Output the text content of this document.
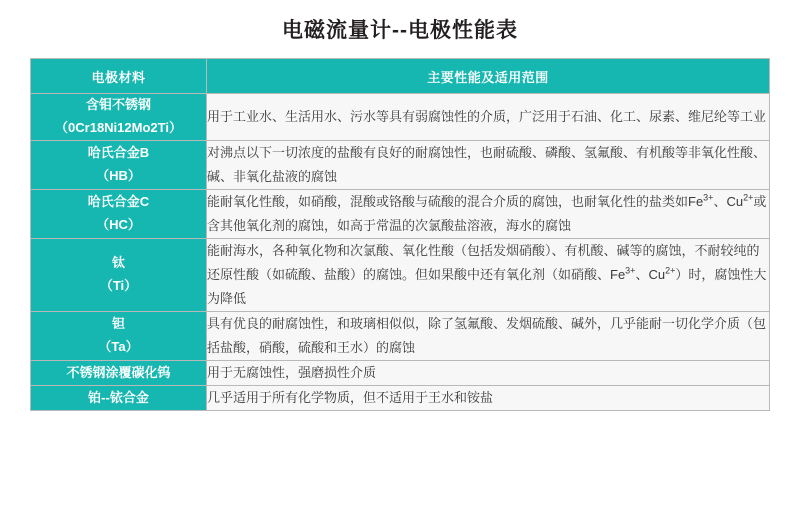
电磁流量计--电极性能表
电极材料	主要性能及适用范围

含钼不锈钢
（0Cr18Ni12Mo2Ti）	用于工业水、生活用水、污水等具有弱腐蚀性的介质，广泛用于石油、化工、尿素、维尼纶等工业

哈氏合金B
（HB）	对沸点以下一切浓度的盐酸有良好的耐腐蚀性，也耐硫酸、磷酸、氢氟酸、有机酸等非氧化性酸、碱、非氧化盐液的腐蚀

哈氏合金C
（HC）	能耐氧化性酸，如硝酸，混酸或铬酸与硫酸的混合介质的腐蚀，也耐氧化性的盐类如$Fe^{3+}$、$Cu^{2+}$或含其他氧化剂的腐蚀，如高于常温的次氯酸盐溶液，海水的腐蚀

钛
（Ti）	能耐海水，各种氧化物和次氯酸、氧化性酸（包括发烟硝酸）、有机酸、碱等的腐蚀，不耐较纯的还原性酸（如硫酸、盐酸）的腐蚀。但如果酸中还有氧化剂（如硝酸、$Fe^{3+}$、$Cu^{2+}$）时，腐蚀性大为降低

钽
（Ta）	具有优良的耐腐蚀性，和玻璃相似似，除了氢氟酸、发烟硫酸、碱外，几乎能耐一切化学介质（包括盐酸，硝酸，硫酸和王水）的腐蚀

不锈钢涂覆碳化钨	用于无腐蚀性，强磨损性介质

铂--铱合金	几乎适用于所有化学物质，但不适用于王水和铵盐
